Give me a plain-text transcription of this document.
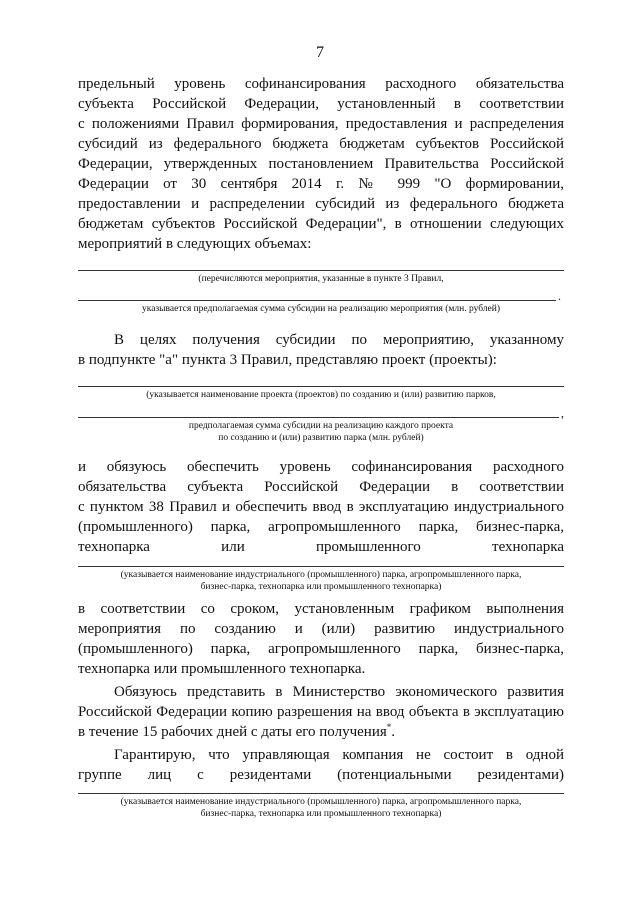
7

предельный уровень софинансирования расходного обязательства

субъекта Российской Федерации, установленный в соответствии

с положениями Правил формирования, предоставления и распределения

субсидий из федерального бюджета бюджетам субъектов Российской

Федерации, утвержденных постановлением Правительства Российской

Федерации от 30 сентября 2014 г. № 999 "О формировании,

предоставлении и распределении субсидий из федерального бюджета

бюджетам субъектов Российской Федерации", в отношении следующих

мероприятий в следующих объемах:

(перечисляются мероприятия, указанные в пункте 3 Правил,
.
указывается предполагаемая сумма субсидии на реализацию мероприятия (млн. рублей)

В целях получения субсидии по мероприятию, указанному

в подпункте "а" пункта 3 Правил, представляю проект (проекты):

(указывается наименование проекта (проектов) по созданию и (или) развитию парков,
,
предполагаемая сумма субсидии на реализацию каждого проекта
по созданию и (или) развитию парка (млн. рублей)

и обязуюсь обеспечить уровень софинансирования расходного

обязательства субъекта Российской Федерации в соответствии

с пунктом 38 Правил и обеспечить ввод в эксплуатацию индустриального

(промышленного) парка, агропромышленного парка, бизнес-парка,

технопарка или промышленного технопарка

(указывается наименование индустриального (промышленного) парка, агропромышленного парка,
бизнес-парка, технопарка или промышленного технопарка)

в соответствии со сроком, установленным графиком выполнения

мероприятия по созданию и (или) развитию индустриального

(промышленного) парка, агропромышленного парка, бизнес-парка,

технопарка или промышленного технопарка.

Обязуюсь представить в Министерство экономического развития

Российской Федерации копию разрешения на ввод объекта в эксплуатацию

в течение 15 рабочих дней с даты его получения*.

Гарантирую, что управляющая компания не состоит в одной

группе лиц с резидентами (потенциальными резидентами)

(указывается наименование индустриального (промышленного) парка, агропромышленного парка,
бизнес-парка, технопарка или промышленного технопарка)
